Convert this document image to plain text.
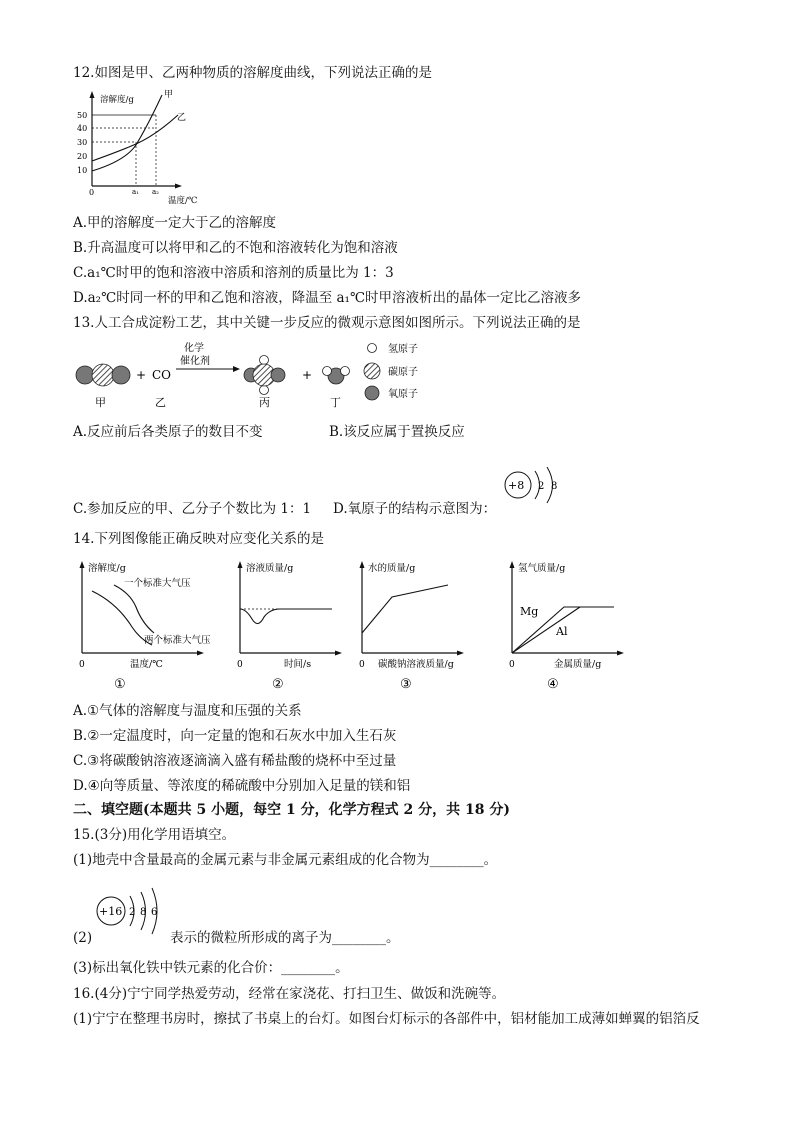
12.如图是甲、乙两种物质的溶解度曲线，下列说法正确的是
50
40
30
20
10
0
甲
乙
溶解度/g
a₁ a₂
温度/℃
A.甲的溶解度一定大于乙的溶解度
B.升高温度可以将甲和乙的不饱和溶液转化为饱和溶液
C.a₁℃时甲的饱和溶液中溶质和溶剂的质量比为 1：3
D.a₂℃时同一杯的甲和乙饱和溶液，降温至 a₁℃时甲溶液析出的晶体一定比乙溶液多
13.人工合成淀粉工艺，其中关键一步反应的微观示意图如图所示。下列说法正确的是
+ CO
化学
催化剂
+
甲	乙	丙	丁
氢原子
碳原子
氧原子
A.反应前后各类原子的数目不变	B.该反应属于置换反应
+8 2 8
C.参加反应的甲、乙分子个数比为 1：1 D.氧原子的结构示意图为：
14.下列图像能正确反映对应变化关系的是
溶解度/g
一个标准大气压
两个标准大气压
0	温度/℃
①
溶液质量/g
0	时间/s
②
水的质量/g
0 碳酸钠溶液质量/g
③
氢气质量/g
Mg
Al
0	金属质量/g
④
A.①气体的溶解度与温度和压强的关系
B.②一定温度时，向一定量的饱和石灰水中加入生石灰
C.③将碳酸钠溶液逐滴滴入盛有稀盐酸的烧杯中至过量
D.④向等质量、等浓度的稀硫酸中分别加入足量的镁和铝
二、填空题(本题共 5 小题，每空 1 分，化学方程式 2 分，共 18 分)
15.(3分)用化学用语填空。
(1)地壳中含量最高的金属元素与非金属元素组成的化合物为________。
+16 2 8 6
(2)	表示的微粒所形成的离子为________。
(3)标出氧化铁中铁元素的化合价：________。
16.(4分)宁宁同学热爱劳动，经常在家浇花、打扫卫生、做饭和洗碗等。
(1)宁宁在整理书房时，擦拭了书桌上的台灯。如图台灯标示的各部件中，铝材能加工成薄如蝉翼的铝箔反
